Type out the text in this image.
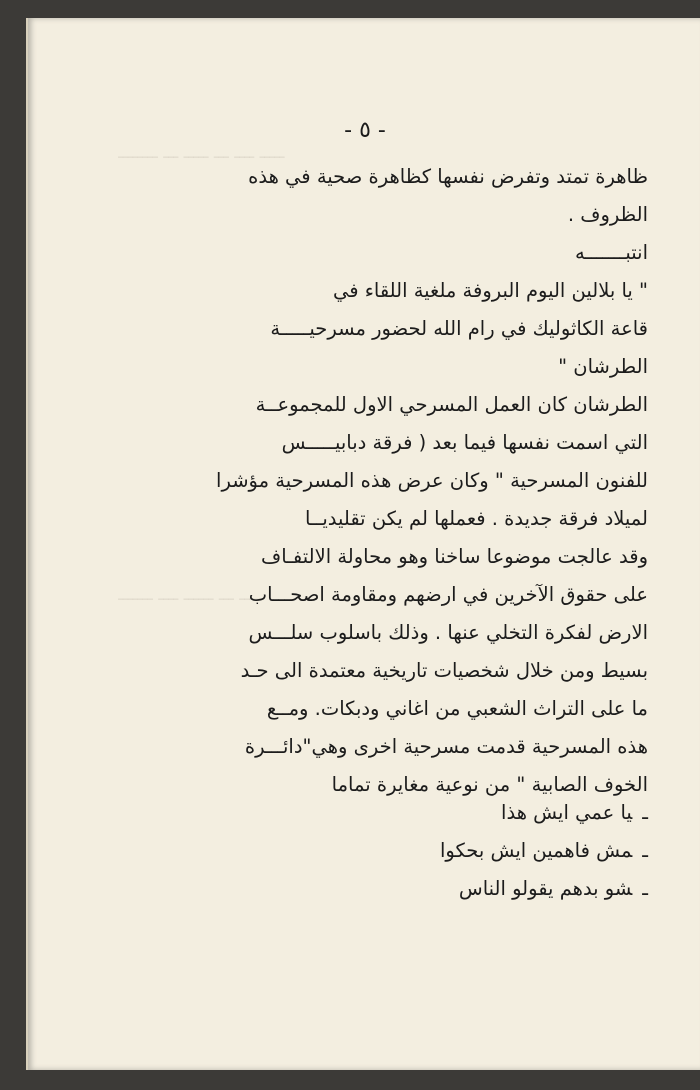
ــــــــ ـــ ـــــ ـــ ــــ ـــــ
ـــــــ ــــ ــــــ ـــ ـــــ
- ٥ -
ظاهرة تمتد وتفرض نفسها كظاهرة صحية في هذه
الظروف .
انتبـــــــه
" يا بلالين اليوم البروفة ملغية اللقاء في
قاعة الكاثوليك في رام الله لحضور مسرحيـــــة
الطرشان "
الطرشان كان العمل المسرحي الاول للمجموعــة
التي اسمت نفسها فيما بعد ( فرقة دبابيـــــس
للفنون المسرحية " وكان عرض هذه المسرحية مؤشرا
لميلاد فرقة جديدة . فعملها لم يكن تقليديــا
وقد عالجت موضوعا ساخنا وهو محاولة الالتفـاف
على حقوق الآخرين في ارضهم ومقاومة اصحـــاب
الارض لفكرة التخلي عنها . وذلك باسلوب سلـــس
بسيط ومن خلال شخصيات تاريخية معتمدة الى حـد
ما على التراث الشعبي من اغاني ودبكات. ومــع
هذه المسرحية قدمت مسرحية اخرى وهي"دائـــرة
الخوف الصابية " من نوعية مغايرة تماما
ـيا عمي ايش هذا
ـمش فاهمين ايش بحكوا
ـشو بدهم يقولو الناس
